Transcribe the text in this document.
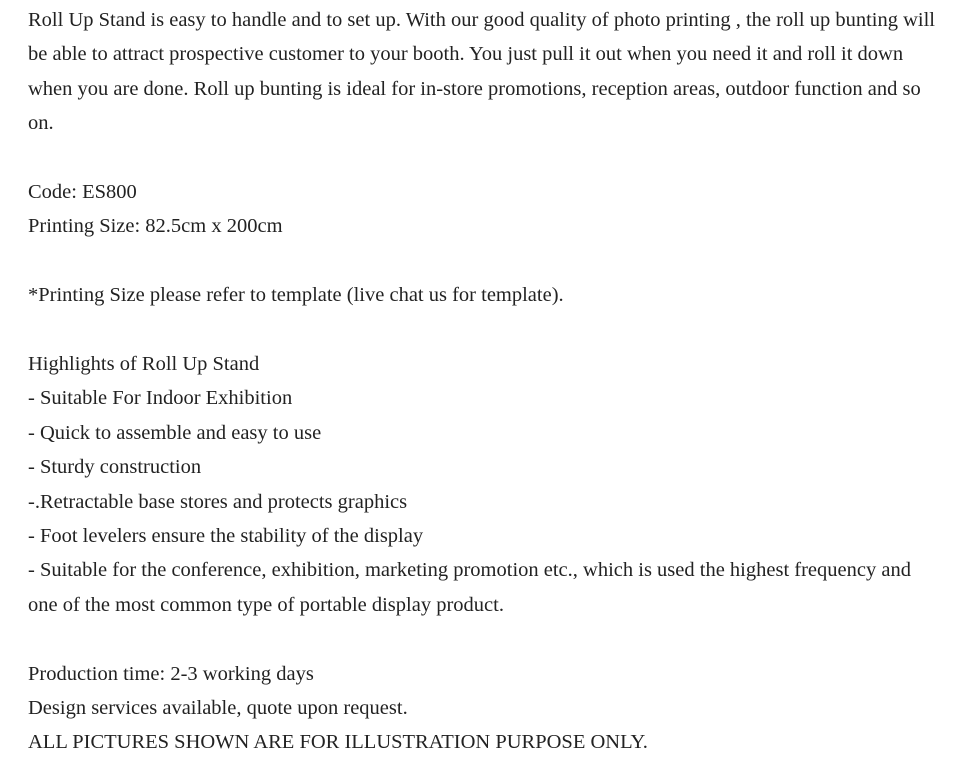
Roll Up Stand is easy to handle and to set up. With our good quality of photo printing , the roll up bunting will be able to attract prospective customer to your booth. You just pull it out when you need it and roll it down when you are done. Roll up bunting is ideal for in-store promotions, reception areas, outdoor function and so on.

Code: ES800
Printing Size: 82.5cm x 200cm

*Printing Size please refer to template (live chat us for template).

Highlights of Roll Up Stand
- Suitable For Indoor Exhibition
- Quick to assemble and easy to use
- Sturdy construction
-.Retractable base stores and protects graphics
- Foot levelers ensure the stability of the display
- Suitable for the conference, exhibition, marketing promotion etc., which is used the highest frequency and one of the most common type of portable display product.
Production time: 2-3 working days
Design services available, quote upon request.
ALL PICTURES SHOWN ARE FOR ILLUSTRATION PURPOSE ONLY.
